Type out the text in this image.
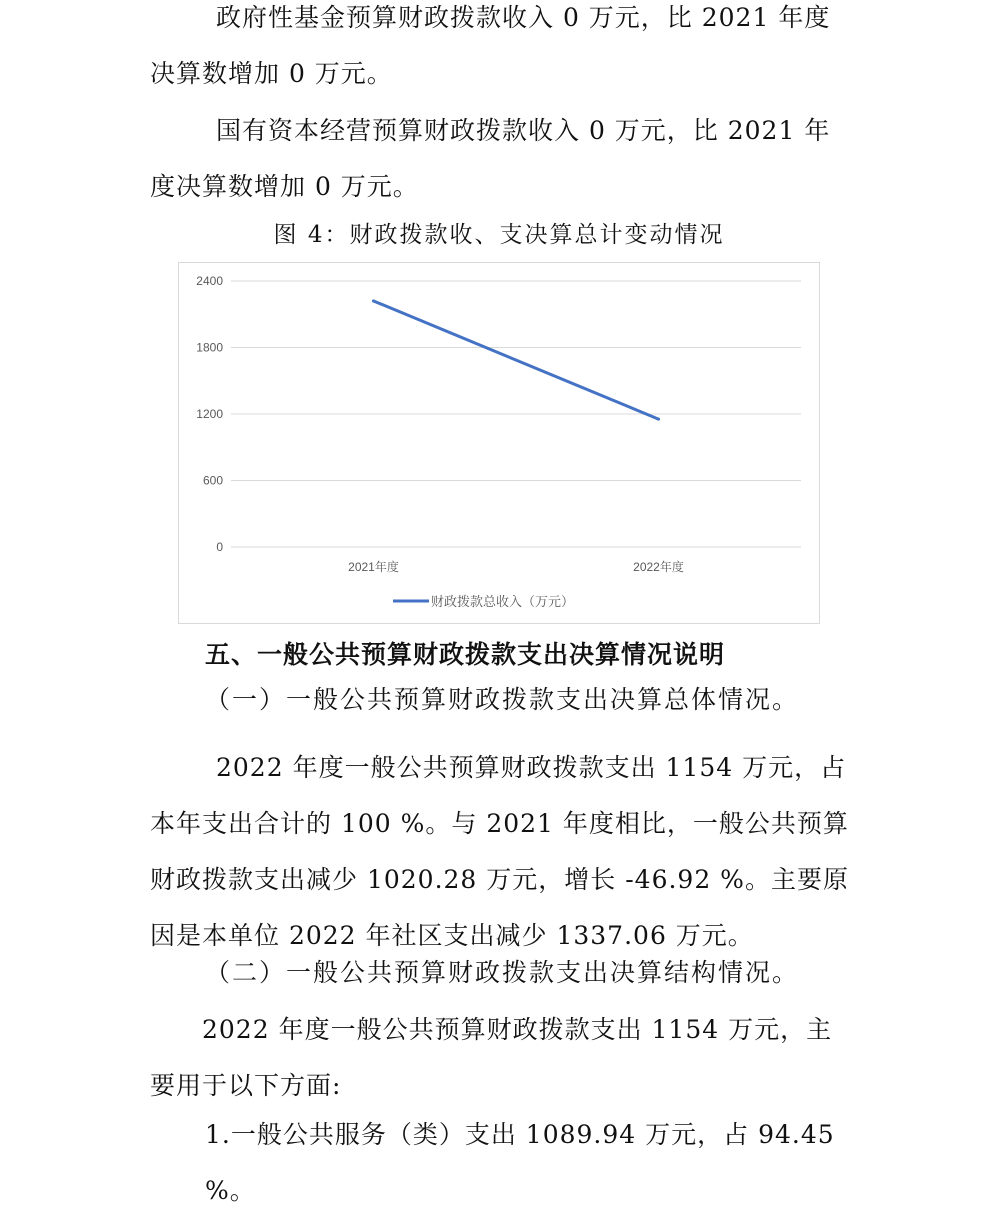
政府性基金预算财政拨款收入 0 万元，比 2021 年度决算数增加 0 万元。

国有资本经营预算财政拨款收入 0 万元，比 2021 年度决算数增加 0 万元。

图 4：财政拨款收、支决算总计变动情况
0
600
1200
1800
2400
2021年度	2022年度
财政拨款总收入（万元）
五、一般公共预算财政拨款支出决算情况说明

（一）一般公共预算财政拨款支出决算总体情况。

2022 年度一般公共预算财政拨款支出 1154 万元，占本年支出合计的 100 %。与 2021 年度相比，一般公共预算财政拨款支出减少 1020.28 万元，增长 -46.92 %。主要原因是本单位 2022 年社区支出减少 1337.06 万元。

（二）一般公共预算财政拨款支出决算结构情况。

2022 年度一般公共预算财政拨款支出 1154 万元，主要用于以下方面:

1.一般公共服务（类）支出 1089.94 万元，占 94.45 %。
